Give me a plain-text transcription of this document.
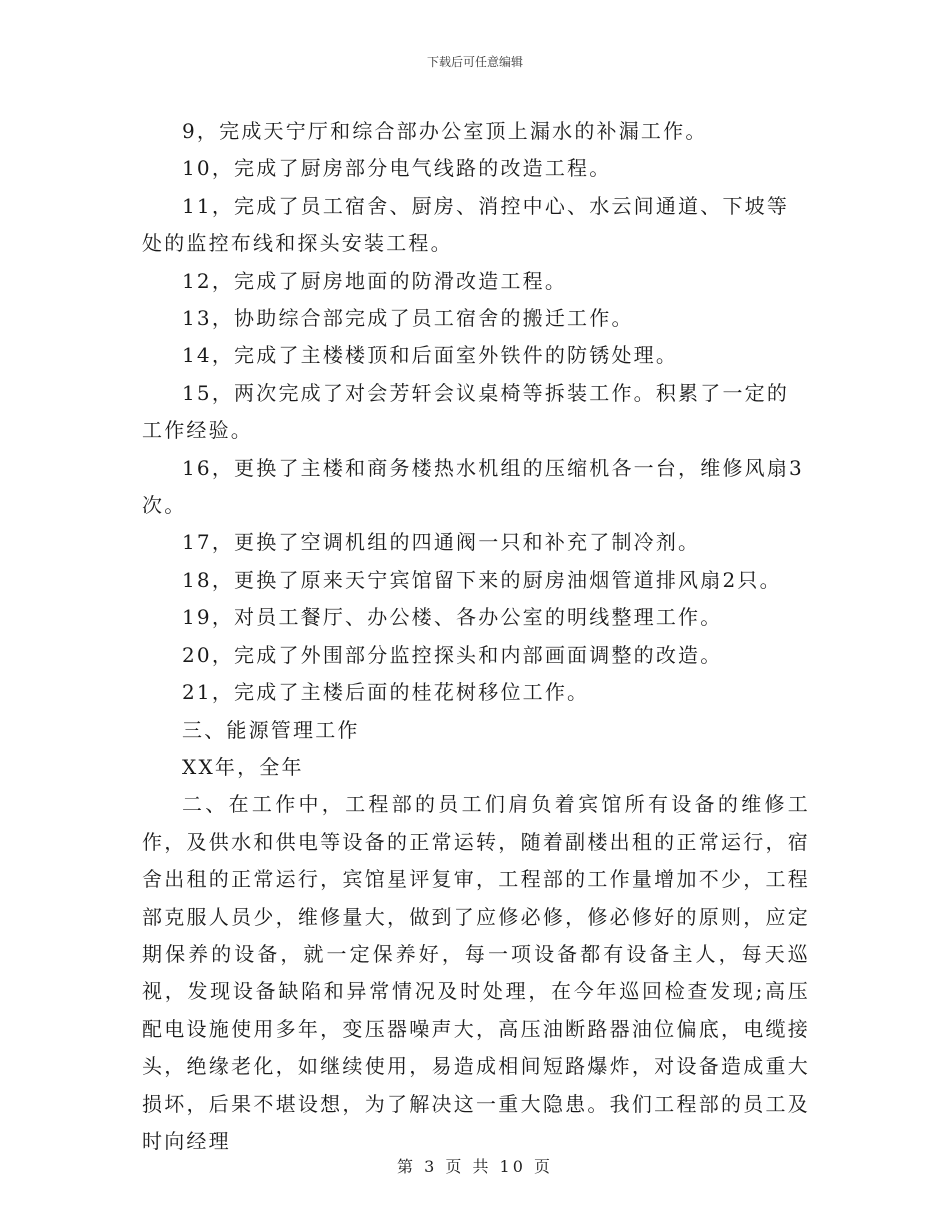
下载后可任意编辑

9，完成天宁厅和综合部办公室顶上漏水的补漏工作。

10，完成了厨房部分电气线路的改造工程。

11，完成了员工宿舍、厨房、消控中心、水云间通道、下坡等处的监控布线和探头安装工程。

12，完成了厨房地面的防滑改造工程。

13，协助综合部完成了员工宿舍的搬迁工作。

14，完成了主楼楼顶和后面室外铁件的防锈处理。

15，两次完成了对会芳轩会议桌椅等拆装工作。积累了一定的工作经验。

16，更换了主楼和商务楼热水机组的压缩机各一台，维修风扇3次。

17，更换了空调机组的四通阀一只和补充了制冷剂。

18，更换了原来天宁宾馆留下来的厨房油烟管道排风扇2只。

19，对员工餐厅、办公楼、各办公室的明线整理工作。

20，完成了外围部分监控探头和内部画面调整的改造。

21，完成了主楼后面的桂花树移位工作。

三、能源管理工作

XX年，全年

二、在工作中，工程部的员工们肩负着宾馆所有设备的维修工作，及供水和供电等设备的正常运转，随着副楼出租的正常运行，宿舍出租的正常运行，宾馆星评复审，工程部的工作量增加不少，工程部克服人员少，维修量大，做到了应修必修，修必修好的原则，应定期保养的设备，就一定保养好，每一项设备都有设备主人，每天巡视，发现设备缺陷和异常情况及时处理，在今年巡回检查发现;高压配电设施使用多年，变压器噪声大，高压油断路器油位偏底，电缆接头，绝缘老化，如继续使用，易造成相间短路爆炸，对设备造成重大损坏，后果不堪设想，为了解决这一重大隐患。我们工程部的员工及时向经理

第 3 页 共 10 页
